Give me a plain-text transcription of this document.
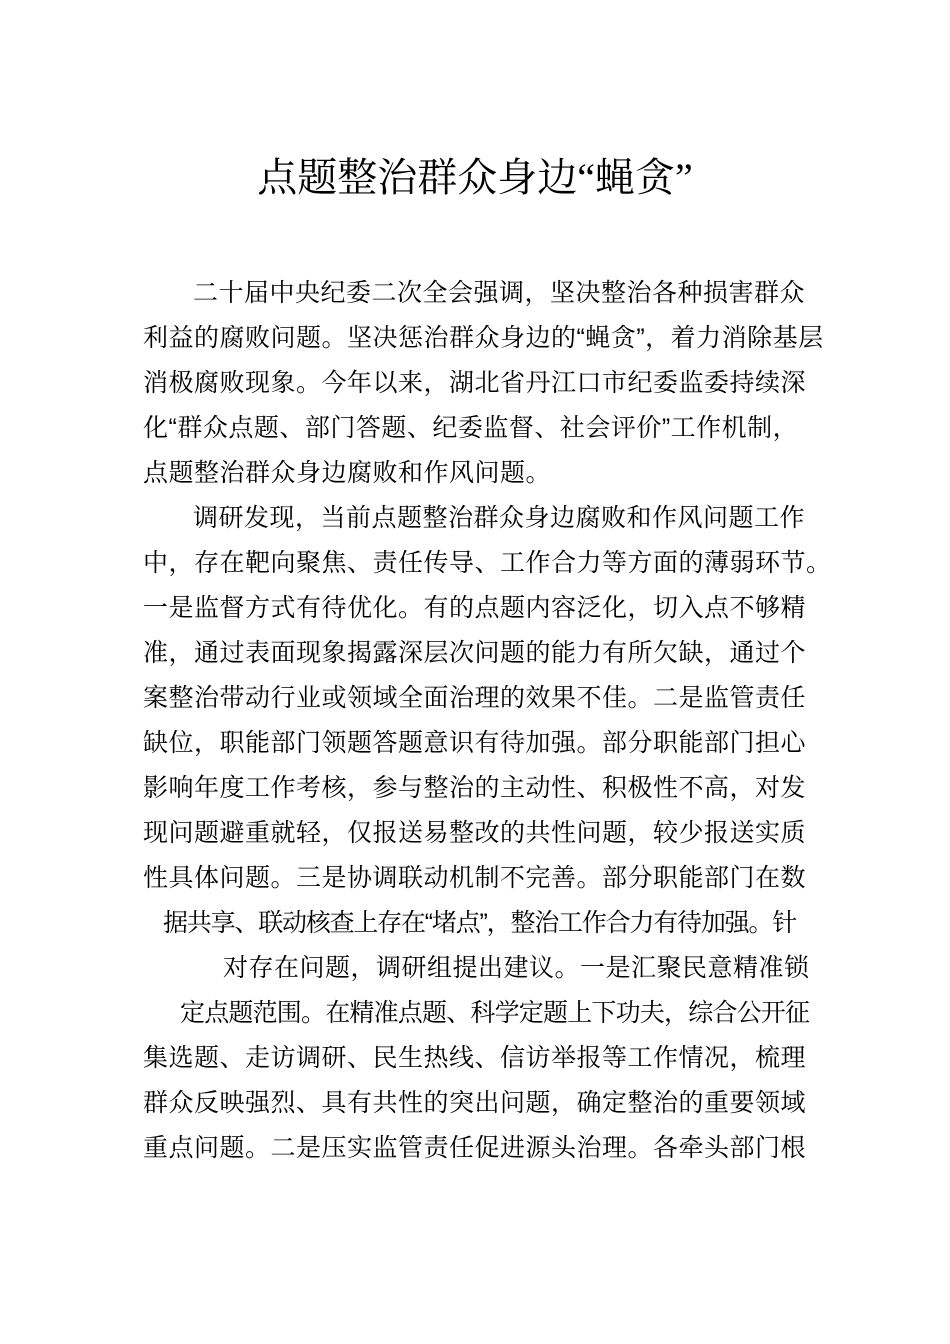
点题整治群众身边“蝇贪”
二十届中央纪委二次全会强调，坚决整治各种损害群众
利益的腐败问题。坚决惩治群众身边的“蝇贪”，着力消除基层
消极腐败现象。今年以来，湖北省丹江口市纪委监委持续深
化“群众点题、部门答题、纪委监督、社会评价”工作机制，
点题整治群众身边腐败和作风问题。
调研发现，当前点题整治群众身边腐败和作风问题工作
中，存在靶向聚焦、责任传导、工作合力等方面的薄弱环节。
一是监督方式有待优化。有的点题内容泛化，切入点不够精
准，通过表面现象揭露深层次问题的能力有所欠缺，通过个
案整治带动行业或领域全面治理的效果不佳。二是监管责任
缺位，职能部门领题答题意识有待加强。部分职能部门担心
影响年度工作考核，参与整治的主动性、积极性不高，对发
现问题避重就轻，仅报送易整改的共性问题，较少报送实质
性具体问题。三是协调联动机制不完善。部分职能部门在数
据共享、联动核查上存在“堵点”，整治工作合力有待加强。针
对存在问题，调研组提出建议。一是汇聚民意精准锁
定点题范围。在精准点题、科学定题上下功夫，综合公开征
集选题、走访调研、民生热线、信访举报等工作情况，梳理
群众反映强烈、具有共性的突出问题，确定整治的重要领域
重点问题。二是压实监管责任促进源头治理。各牵头部门根
